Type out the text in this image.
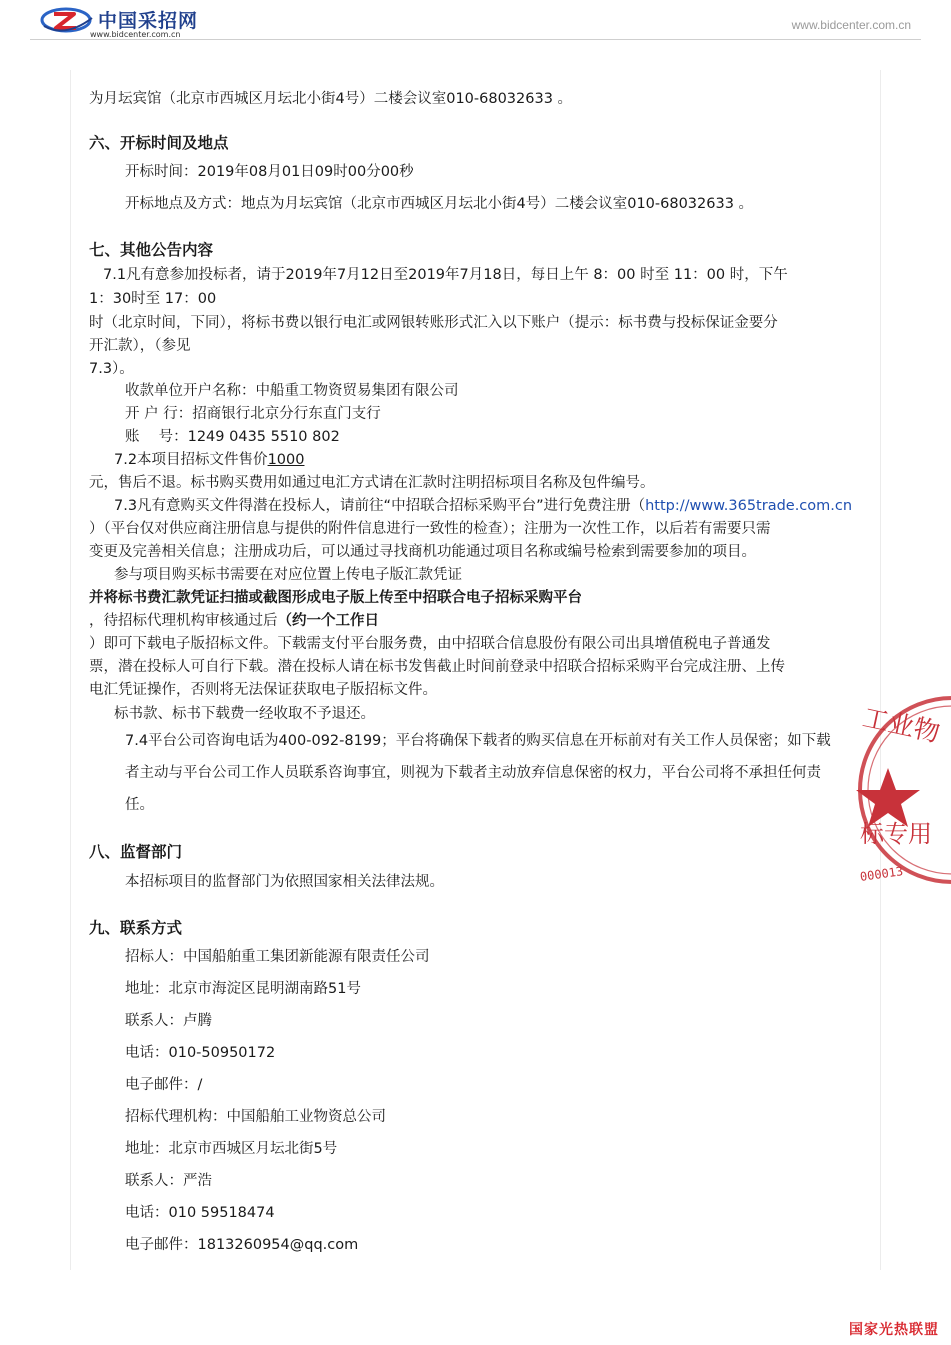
中国采招网
www.bidcenter.com.cn
www.bidcenter.com.cn
为月坛宾馆（北京市西城区月坛北小街4号）二楼会议室010-68032633 。
六、开标时间及地点
开标时间：2019年08月01日09时00分00秒
开标地点及方式：地点为月坛宾馆（北京市西城区月坛北小街4号）二楼会议室010-68032633 。
七、其他公告内容
7.1凡有意参加投标者，请于2019年7月12日至2019年7月18日，每日上午 8：00 时至 11：00 时，下午
1：30时至 17：00
时（北京时间，下同），将标书费以银行电汇或网银转账形式汇入以下账户（提示：标书费与投标保证金要分
开汇款），（参见
7.3）。
收款单位开户名称：中船重工物资贸易集团有限公司
开 户 行：招商银行北京分行东直门支行
账　 号：1249 0435 5510 802
7.2本项目招标文件售价1000
元，售后不退。标书购买费用如通过电汇方式请在汇款时注明招标项目名称及包件编号。
7.3凡有意购买文件得潜在投标人，请前往“中招联合招标采购平台”进行免费注册（http://www.365trade.com.cn
）（平台仅对供应商注册信息与提供的附件信息进行一致性的检查）；注册为一次性工作，以后若有需要只需
变更及完善相关信息；注册成功后，可以通过寻找商机功能通过项目名称或编号检索到需要参加的项目。
参与项目购买标书需要在对应位置上传电子版汇款凭证
并将标书费汇款凭证扫描或截图形成电子版上传至中招联合电子招标采购平台
，待招标代理机构审核通过后（约一个工作日
）即可下载电子版招标文件。下载需支付平台服务费，由中招联合信息股份有限公司出具增值税电子普通发
票，潜在投标人可自行下载。潜在投标人请在标书发售截止时间前登录中招联合招标采购平台完成注册、上传
电汇凭证操作，否则将无法保证获取电子版招标文件。
标书款、标书下载费一经收取不予退还。
7.4平台公司咨询电话为400-092-8199；平台将确保下载者的购买信息在开标前对有关工作人员保密；如下载
者主动与平台公司工作人员联系咨询事宜，则视为下载者主动放弃信息保密的权力，平台公司将不承担任何责
任。
八、监督部门
本招标项目的监督部门为依照国家相关法律法规。
九、联系方式
招标人：中国船舶重工集团新能源有限责任公司
地址：北京市海淀区昆明湖南路51号
联系人：卢腾
电话：010-50950172
电子邮件：/
招标代理机构：中国船舶工业物资总公司
地址：北京市西城区月坛北街5号
联系人：严浩
电话：010 59518474
电子邮件：1813260954@qq.com
工业物
标专用
000013
国家光热联盟
